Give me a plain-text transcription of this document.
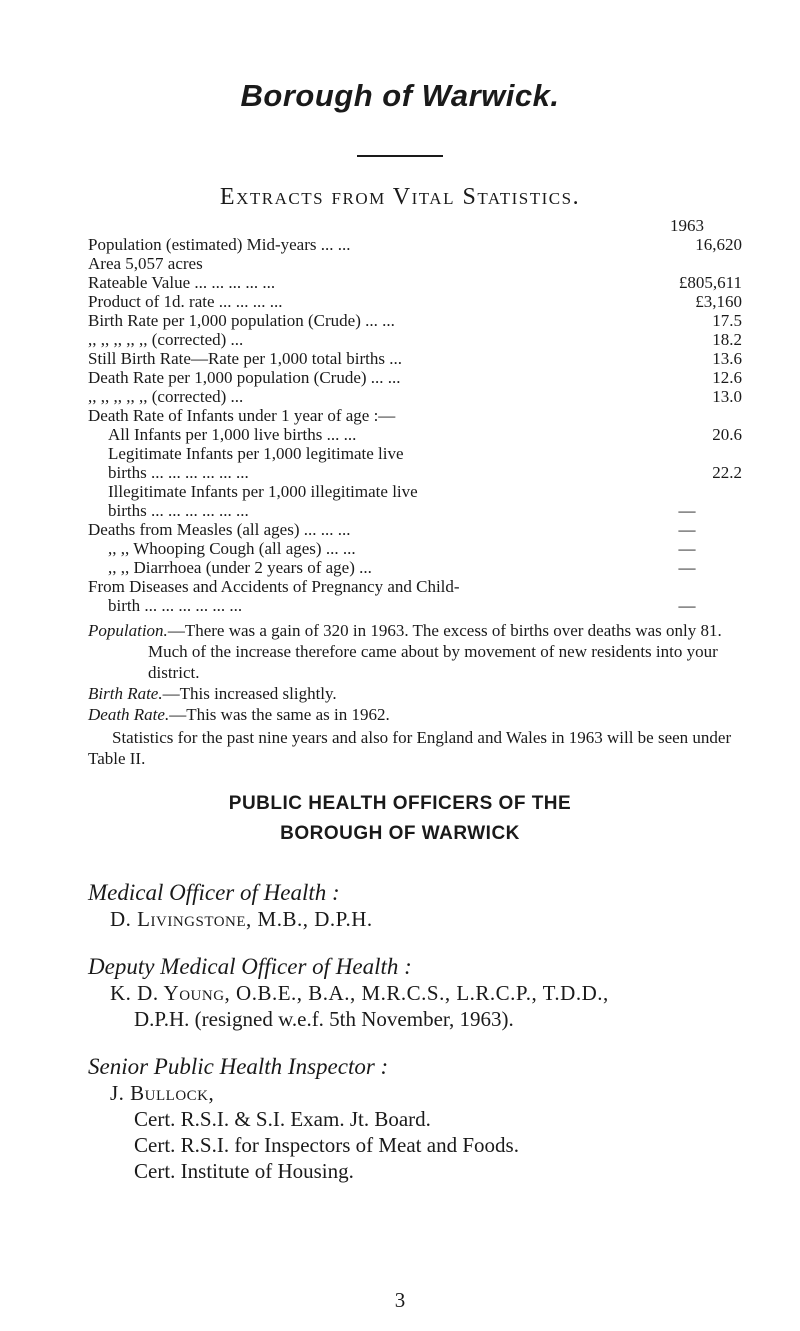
Borough of Warwick.
Extracts from Vital Statistics.
1963
Population (estimated) Mid-years ... ...	16,620
Area 5,057 acres
Rateable Value ... ... ... ... ...	£805,611
Product of 1d. rate ... ... ... ...	£3,160
Birth Rate per 1,000 population (Crude) ... ...	17.5
,, ,, ,, ,, ,, (corrected) ...	18.2
Still Birth Rate—Rate per 1,000 total births ...	13.6
Death Rate per 1,000 population (Crude) ... ...	12.6
,, ,, ,, ,, ,, (corrected) ...	13.0
Death Rate of Infants under 1 year of age :—
All Infants per 1,000 live births ... ...	20.6
Legitimate Infants per 1,000 legitimate live
births ... ... ... ... ... ...	22.2
Illegitimate Infants per 1,000 illegitimate live
births ... ... ... ... ... ...	—
Deaths from Measles (all ages) ... ... ...	—
,, ,, Whooping Cough (all ages) ... ...	—
,, ,, Diarrhoea (under 2 years of age) ...	—
From Diseases and Accidents of Pregnancy and Child-
birth ... ... ... ... ... ...	—

Population.—There was a gain of 320 in 1963. The excess of births over deaths was only 81. Much of the increase therefore came about by movement of new residents into your district.

Birth Rate.—This increased slightly.

Death Rate.—This was the same as in 1962.

Statistics for the past nine years and also for England and Wales in 1963 will be seen under Table II.

PUBLIC HEALTH OFFICERS OF THE
BOROUGH OF WARWICK
Medical Officer of Health :
D. Livingstone, M.B., D.P.H.
Deputy Medical Officer of Health :
K. D. Young, O.B.E., B.A., M.R.C.S., L.R.C.P., T.D.D.,
D.P.H. (resigned w.e.f. 5th November, 1963).
Senior Public Health Inspector :
J. Bullock,
Cert. R.S.I. & S.I. Exam. Jt. Board.
Cert. R.S.I. for Inspectors of Meat and Foods.
Cert. Institute of Housing.
3
